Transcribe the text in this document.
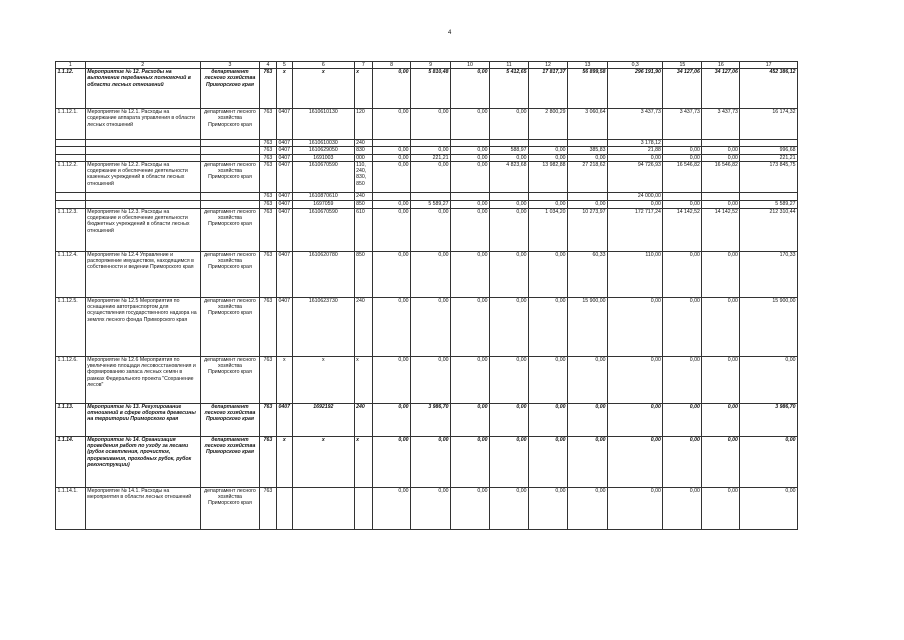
4
1	2	3	4	5	6	7	8	9	10	11	12	13	0,3	15	16	17
1.1.12.	Мероприятие № 12. Расходы на выполнение переданных полномочий в области лесных отношений	департамент лесного хозяйства Приморского края	763	x	x	x	0,00	5 810,48	0,00	5 412,65	17 817,37	56 899,58	296 191,90	34 127,06	34 127,06	452 386,12
1.1.12.1.	Мероприятие № 12.1. Расходы на содержание аппарата управления в области лесных отношений	департамент лесного хозяйства Приморского края	763	0407	1610610130	120	0,00	0,00	0,00	0,00	2 800,29	3 060,64	3 437,73	3 437,73	3 437,73	16 174,32
			763	0407	1610610030	240							3 178,12			
			763	0407	1610629050	830	0,00	0,00	0,00	588,97	0,00	385,83	21,88	0,00	0,00	996,68
			763	0407	1691003	000	0,00	221,21	0,00	0,00	0,00	0,00	0,00	0,00	0,00	221,21
1.1.12.2.	Мероприятие № 12.2. Расходы на содержание и обеспечение деятельности казенных учреждений в области лесных отношений	департамент лесного хозяйства Приморского края	763	0407	1610670590	110, 240, 830, 850	0,00	0,00	0,00	4 823,68	13 982,88	27 218,62	94 726,93	16 546,82	16 546,82	173 845,75
			763	0407	1610870610	240							24 000,00			
			763	0407	1697059	850	0,00	5 589,27	0,00	0,00	0,00	0,00	0,00	0,00	0,00	5 589,27
1.1.12.3.	Мероприятие № 12.3. Расходы на содержание и обеспечение деятельности бюджетных учреждений в области лесных отношений	департамент лесного хозяйства Приморского края	763	0407	1610670590	610	0,00	0,00	0,00	0,00	1 034,20	10 273,97	172 717,24	14 142,52	14 142,52	212 310,44
1.1.12.4.	Мероприятие № 12.4 Управление и распоряжение имуществом, находящимся в собственности и ведении Приморского края	департамент лесного хозяйства Приморского края	763	0407	1610620780	850	0,00	0,00	0,00	0,00	0,00	60,33	110,00	0,00	0,00	170,33
1.1.12.5.	Мероприятие № 12.5 Мероприятия по оснащению автотранспортом для осуществления государственного надзора на землях лесного фонда Приморского края	департамент лесного хозяйства Приморского края	763	0407	1610623730	240	0,00	0,00	0,00	0,00	0,00	15 900,00	0,00	0,00	0,00	15 900,00
1.1.12.6.	Мероприятие № 12.6 Мероприятия по увеличению площади лесовосстановления и формированию запаса лесных семян в рамках Федерального проекта "Сохранение лесов"	департамент лесного хозяйства Приморского края	763	x	x	x	0,00	0,00	0,00	0,00	0,00	0,00	0,00	0,00	0,00	0,00
1.1.13.	Мероприятие № 13. Регулирование отношений в сфере оборота древесины на территории Приморского края	департамент лесного хозяйства Приморского края	763	0407	1692192	240	0,00	3 986,70	0,00	0,00	0,00	0,00	0,00	0,00	0,00	3 986,70
1.1.14.	Мероприятие № 14. Организация проведения работ по уходу за лесами (рубок осветления, прочисток, прореживания, проходных рубок, рубок реконструкции)	департамент лесного хозяйства Приморского края	763	x	x	x	0,00	0,00	0,00	0,00	0,00	0,00	0,00	0,00	0,00	0,00
1.1.14.1.	Мероприятие № 14.1. Расходы на мероприятия в области лесных отношений	департамент лесного хозяйства Приморского края	763				0,00	0,00	0,00	0,00	0,00	0,00	0,00	0,00	0,00	0,00
